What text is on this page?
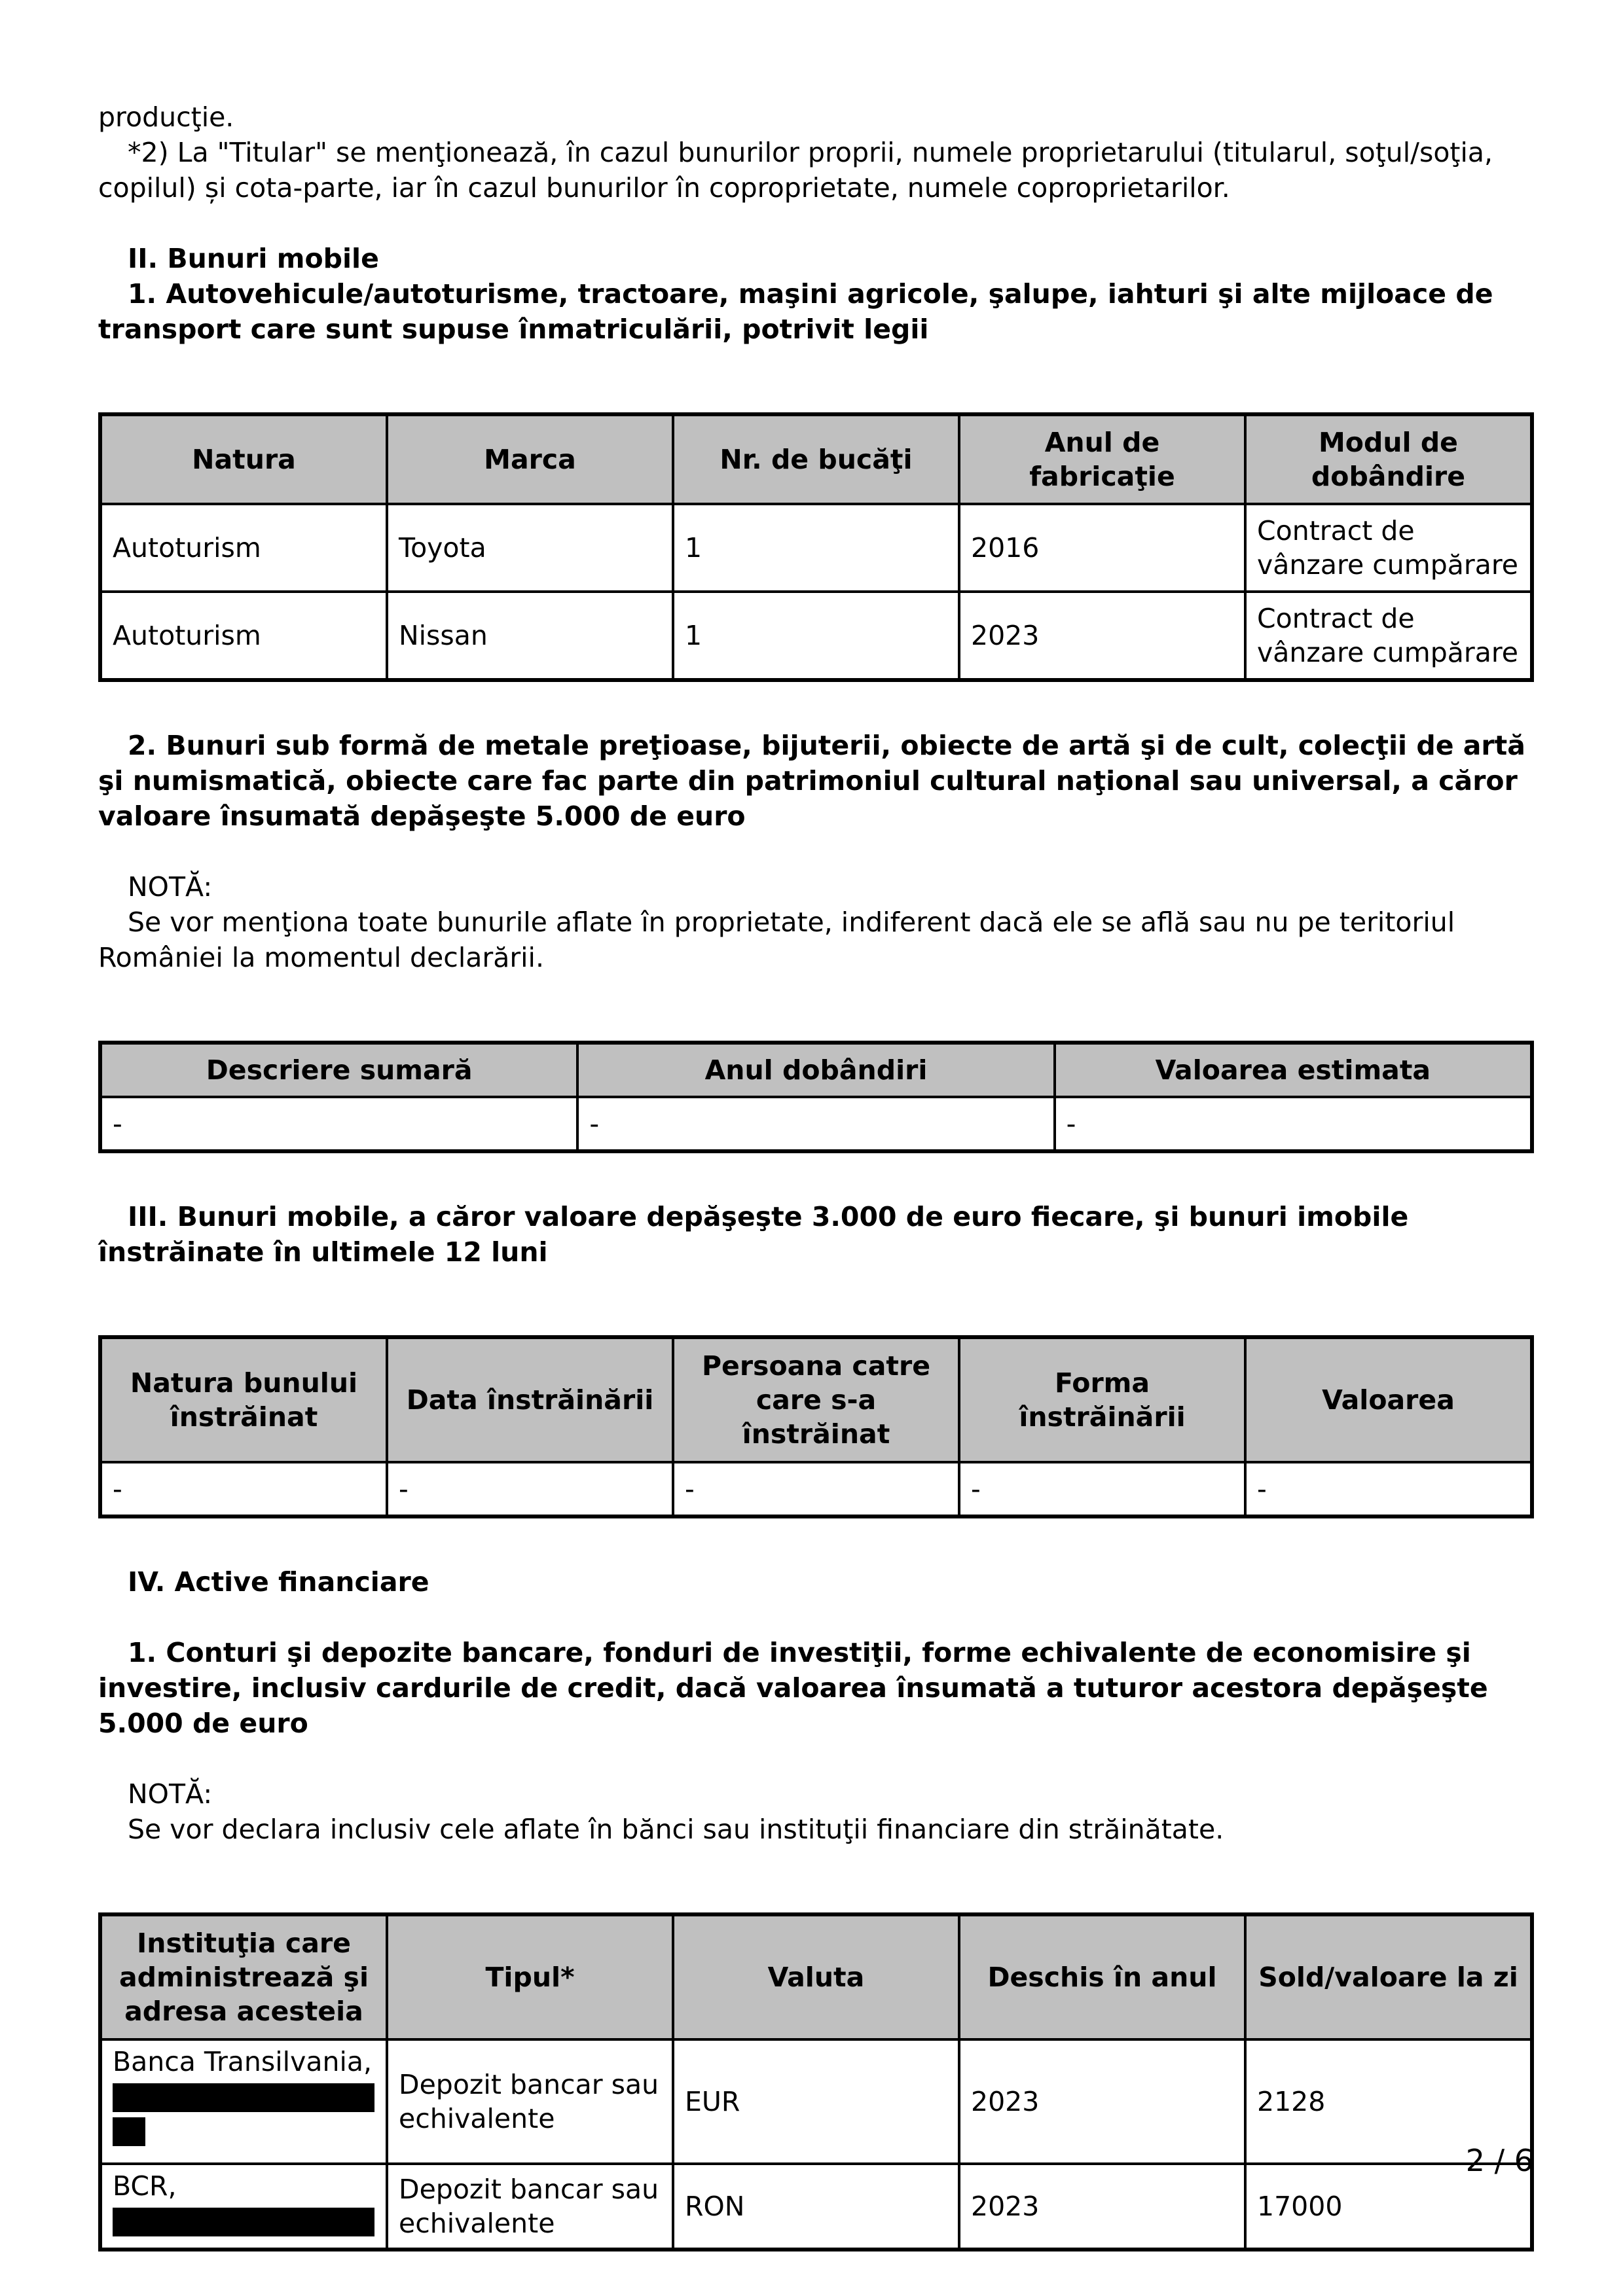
producţie.

*2) La "Titular" se menţionează, în cazul bunurilor proprii, numele proprietarului (titularul, soţul/soţia, copilul) și cota-parte, iar în cazul bunurilor în coproprietate, numele coproprietarilor.

II. Bunuri mobile

1. Autovehicule/autoturisme, tractoare, maşini agricole, şalupe, iahturi şi alte mijloace de transport care sunt supuse înmatriculării, potrivit legii

Natura	Marca	Nr. de bucăţi	Anul de fabricaţie	Modul de dobândire
Autoturism	Toyota	1	2016	Contract de vânzare cumpărare
Autoturism	Nissan	1	2023	Contract de vânzare cumpărare

2. Bunuri sub formă de metale preţioase, bijuterii, obiecte de artă şi de cult, colecţii de artă şi numismatică, obiecte care fac parte din patrimoniul cultural naţional sau universal, a căror valoare însumată depăşeşte 5.000 de euro

NOTĂ:

Se vor menţiona toate bunurile aflate în proprietate, indiferent dacă ele se află sau nu pe teritoriul României la momentul declarării.

Descriere sumară	Anul dobândiri	Valoarea estimata
-	-	-

III. Bunuri mobile, a căror valoare depăşeşte 3.000 de euro fiecare, şi bunuri imobile înstrăinate în ultimele 12 luni

Natura bunului înstrăinat	Data înstrăinării	Persoana catre care s-a înstrăinat	Forma înstrăinării	Valoarea
-	-	-	-	-

IV. Active financiare

1. Conturi şi depozite bancare, fonduri de investiţii, forme echivalente de economisire şi investire, inclusiv cardurile de credit, dacă valoarea însumată a tuturor acestora depăşeşte 5.000 de euro

NOTĂ:

Se vor declara inclusiv cele aflate în bănci sau instituţii financiare din străinătate.

Instituţia care administrează şi adresa acesteia	Tipul*	Valuta	Deschis în anul	Sold/valoare la zi
Banca Transilvania,	Depozit bancar sau echivalente	EUR	2023	2128
BCR,	Depozit bancar sau echivalente	RON	2023	17000
2 / 6
